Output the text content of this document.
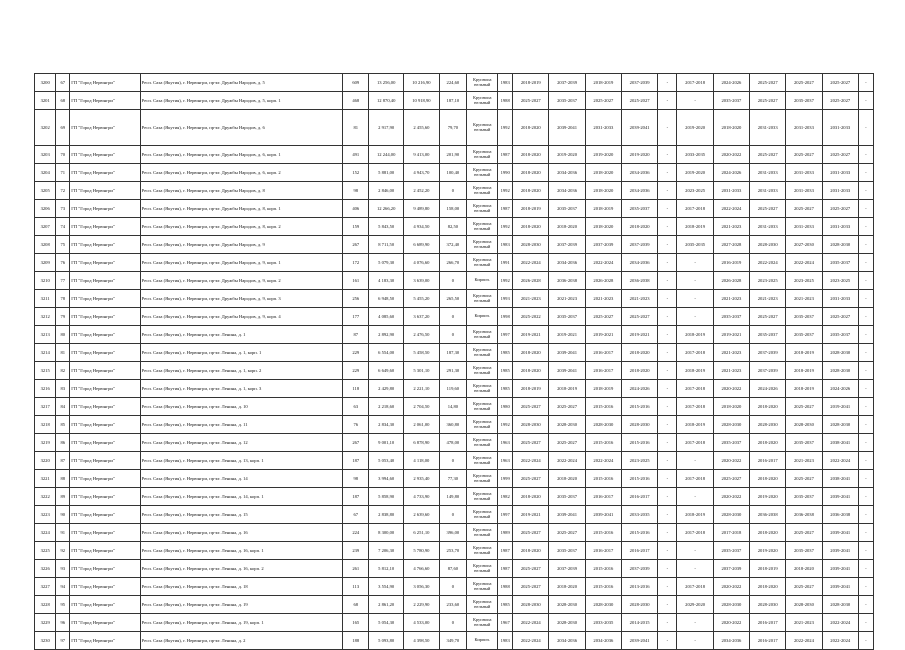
3200	67	ГП "Город Нерюнгри"	Респ. Саха (Якутия), г. Нерюнгри, пр-кт. Дружбы Народов, д. 5	609	13 256,00	10 216,90	224,60	Крупнопа нельный	1983	2018-2019	2037-2039	2018-2019	2037-2039	-	2017-2018	2024-2026	2025-2027	2025-2027	2025-2027	-
3201	68	ГП "Город Нерюнгри"	Респ. Саха (Якутия), г. Нерюнгри, пр-кт. Дружбы Народов, д. 5, корп. 1	468	12 870,40	10 918,90	187,10	Крупнопа нельный	1988	2025-2027	2035-2037	2025-2027	2025-2027	-	-	2035-2037	2025-2027	2035-2037	2025-2027	-
3202	69	ГП "Город Нерюнгри"	Респ. Саха (Якутия), г. Нерюнгри, пр-кт. Дружбы Народов, д. 6	81	2 917,90	2 455,60	79,70	Крупнопа нельный	1992	2018-2020	2039-2041	2031-2033	2039-2041	-	2019-2020	2018-2020	2031-2033	2031-2033	2031-2033	-
3203	70	ГП "Город Нерюнгри"	Респ. Саха (Якутия), г. Нерюнгри, пр-кт. Дружбы Народов, д. 6, корп. 1	491	12 244,00	9 413,00	201,90	Крупнопа нельный	1987	2018-2020	2019-2020	2019-2020	2019-2020	-	2033-2035	2020-2022	2025-2027	2025-2027	2025-2027	-
3204	71	ГП "Город Нерюнгри"	Респ. Саха (Якутия), г. Нерюнгри, пр-кт. Дружбы Народов, д. 6, корп. 2	152	5 881,00	4 943,70	100,40	Крупнопа нельный	1990	2018-2020	2034-2036	2018-2020	2034-2036	-	2019-2020	2024-2026	2031-2033	2031-2033	2031-2033	-
3205	72	ГП "Город Нерюнгри"	Респ. Саха (Якутия), г. Нерюнгри, пр-кт. Дружбы Народов, д. 8	98	2 846,00	2 452,20	0	Крупнопа нельный	1992	2018-2020	2034-2036	2018-2020	2034-2036	-	2023-2025	2031-2033	2031-2033	2031-2033	2031-2033	-
3206	73	ГП "Город Нерюнгри"	Респ. Саха (Якутия), г. Нерюнгри, пр-кт. Дружбы Народов, д. 8, корп. 1	406	12 266,20	9 489,80	158,00	Крупнопа нельный	1987	2018-2019	2035-2037	2018-2019	2035-2037	-	2017-2018	2022-2024	2025-2027	2025-2027	2025-2027	-
3207	74	ГП "Город Нерюнгри"	Респ. Саха (Якутия), г. Нерюнгри, пр-кт. Дружбы Народов, д. 8, корп. 2	159	5 843,50	4 934,50	82,50	Крупнопа нельный	1992	2018-2020	2018-2020	2018-2020	2018-2020	-	2018-2019	2021-2023	2031-2033	2031-2033	2031-2033	-
3208	75	ГП "Город Нерюнгри"	Респ. Саха (Якутия), г. Нерюнгри, пр-кт. Дружбы Народов, д. 9	267	8 711,50	6 689,90	372,40	Крупнопа нельный	1983	2028-2030	2037-2039	2037-2039	2037-2039	-	2035-2035	2027-2028	2028-2030	2027-2030	2028-2030	-
3209	76	ГП "Город Нерюнгри"	Респ. Саха (Якутия), г. Нерюнгри, пр-кт. Дружбы Народов, д. 9, корп. 1	172	5 079,30	4 076,60	266,70	Крупнопа нельный	1991	2022-2024	2034-2036	2022-2024	2034-2036	-	-	2016-2019	2022-2024	2022-2024	2035-2037	-
3210	77	ГП "Город Нерюнгри"	Респ. Саха (Якутия), г. Нерюнгри, пр-кт. Дружбы Народов, д. 9, корп. 2	161	4 183,30	3 639,00	0	Кирпич.	1992	2026-2028	2036-2038	2026-2028	2036-2038	-	-	2026-2028	2023-2025	2023-2025	2023-2025	-
3211	78	ГП "Город Нерюнгри"	Респ. Саха (Якутия), г. Нерюнгри, пр-кт. Дружбы Народов, д. 9, корп. 3	256	6 948,50	5 455,20	265,50	Крупнопа нельный	1993	2021-2023	2021-2023	2021-2023	2021-2023	-	-	2021-2023	2021-2023	2021-2023	2031-2033	-
3212	79	ГП "Город Нерюнгри"	Респ. Саха (Якутия), г. Нерюнгри, пр-кт. Дружбы Народов, д. 9, корп. 4	177	4 085,60	3 637,20	0	Кирпич.	1998	2025-2022	2035-2037	2025-2027	2025-2027	-	-	2035-2037	2025-2027	2035-2037	2025-2027	-
3213	80	ГП "Город Нерюнгри"	Респ. Саха (Якутия), г. Нерюнгри, пр-кт. Ленина, д. 1	87	2 892,90	2 476,50	0	Крупнопа нельный	1997	2019-2021	2019-2021	2019-2021	2019-2021	-	2018-2019	2019-2021	2035-2037	2035-2037	2035-2037	-
3214	81	ГП "Город Нерюнгри"	Респ. Саха (Якутия), г. Нерюнгри, пр-кт. Ленина, д. 1, корп. 1	229	6 554,00	5 458,50	187,30	Крупнопа нельный	1985	2018-2020	2039-2041	2016-2017	2018-2020	-	2017-2018	2021-2023	2037-2039	2018-2019	2028-2030	-
3215	82	ГП "Город Нерюнгри"	Респ. Саха (Якутия), г. Нерюнгри, пр-кт. Ленина, д. 1, корп. 2	229	6 649,60	5 301,10	291,30	Крупнопа нельный	1985	2018-2020	2039-2041	2016-2017	2018-2020	-	2018-2019	2021-2023	2037-2039	2018-2019	2028-2030	-
3216	83	ГП "Город Нерюнгри"	Респ. Саха (Якутия), г. Нерюнгри, пр-кт. Ленина, д. 1, корп. 3	118	2 429,80	2 221,10	119,60	Крупнопа нельный	1985	2018-2019	2018-2019	2018-2019	2024-2026	-	2017-2018	2020-2022	2024-2026	2018-2019	2024-2026	-
3217	84	ГП "Город Нерюнгри"	Респ. Саха (Якутия), г. Нерюнгри, пр-кт. Ленина, д. 10	63	2 218,60	2 704,50	14,80	Крупнопа нельный	1980	2025-2027	2025-2027	2015-2016	2015-2016	-	2017-2018	2018-2020	2018-2020	2025-2027	2019-2041	-
3218	85	ГП "Город Нерюнгри"	Респ. Саха (Якутия), г. Нерюнгри, пр-кт. Ленина, д. 11	76	2 834,30	2 061,00	360,80	Крупнопа нельный	1992	2028-2030	2028-2030	2028-2030	2028-2030	-	2018-2019	2028-2030	2028-2030	2028-2030	2028-2030	-
3219	86	ГП "Город Нерюнгри"	Респ. Саха (Якутия), г. Нерюнгри, пр-кт. Ленина, д. 12	267	9 001,10	6 878,90	478,00	Крупнопа нельный	1963	2025-2027	2025-2027	2015-2016	2015-2016	-	2017-2018	2035-2037	2018-2020	2035-2037	2038-2041	-
3220	87	ГП "Город Нерюнгри"	Респ. Саха (Якутия), г. Нерюнгри, пр-кт. Ленина, д. 13, корп. 1	187	5 053,40	4 118,00	0	Крупнопа нельный	1963	2022-2024	2022-2024	2022-2024	2023-2025	-	-	2020-2022	2016-2017	2021-2023	2022-2024	-
3221	88	ГП "Город Нерюнгри"	Респ. Саха (Якутия), г. Нерюнгри, пр-кт. Ленина, д. 14	98	3 994,60	2 935,40	77,30	Крупнопа нельный	1999	2025-2027	2018-2020	2015-2016	2015-2016	-	2017-2018	2025-2027	2018-2020	2025-2027	2038-2041	-
3222	89	ГП "Город Нерюнгри"	Респ. Саха (Якутия), г. Нерюнгри, пр-кт. Ленина, д. 14, корп. 1	187	5 858,90	4 733,90	149,80	Крупнопа нельный	1982	2018-2020	2035-2037	2016-2017	2016-2017	-	-	2020-2022	2019-2020	2035-2037	2039-2041	-
3223	90	ГП "Город Нерюнгри"	Респ. Саха (Якутия), г. Нерюнгри, пр-кт. Ленина, д. 15	67	2 838,80	2 639,60	0	Крупнопа нельный	1997	2019-2021	2039-2041	2039-2041	2033-2035	-	2018-2019	2028-2030	2036-2038	2036-2038	2036-2038	-
3224	91	ГП "Город Нерюнгри"	Респ. Саха (Якутия), г. Нерюнгри, пр-кт. Ленина, д. 16	224	8 300,00	6 251,10	396,00	Крупнопа нельный	1989	2025-2027	2025-2027	2015-2016	2015-2016	-	2017-2018	2017-2018	2018-2020	2025-2027	2039-2041	-
3225	92	ГП "Город Нерюнгри"	Респ. Саха (Якутия), г. Нерюнгри, пр-кт. Ленина, д. 16, корп. 1	239	7 206,30	5 780,90	253,70	Крупнопа нельный	1987	2018-2020	2035-2037	2016-2017	2016-2017	-	-	2035-2037	2019-2020	2035-2037	2039-2041	-
3226	93	ГП "Город Нерюнгри"	Респ. Саха (Якутия), г. Нерюнгри, пр-кт. Ленина, д. 16, корп. 2	261	5 812,10	4 766,60	87,60	Крупнопа нельный	1987	2025-2027	2037-2039	2015-2016	2037-2039	-	-	2037-2039	2018-2019	2018-2020	2039-2041	-
3227	94	ГП "Город Нерюнгри"	Респ. Саха (Якутия), г. Нерюнгри, пр-кт. Ленина, д. 18	113	3 554,90	3 056,30	0	Крупнопа нельный	1988	2025-2027	2018-2020	2015-2016	2013-2016	-	2017-2018	2020-2022	2018-2020	2025-2027	2039-2041	-
3228	95	ГП "Город Нерюнгри"	Респ. Саха (Якутия), г. Нерюнгри, пр-кт. Ленина, д. 19	68	2 861,20	2 229,90	233,60	Крупнопа нельный	1985	2028-2030	2028-2030	2028-2030	2028-2030	-	2029-2020	2028-2030	2028-2030	2028-2030	2028-2030	-
3229	96	ГП "Город Нерюнгри"	Респ. Саха (Якутия), г. Нерюнгри, пр-кт. Ленина, д. 19, корп. 1	165	5 054,30	4 533,00	0	Крупнопа нельный	1967	2022-2024	2028-2030	2033-2035	2014-2015	-	-	2020-2022	2016-2017	2021-2023	2022-2024	-
3230	97	ГП "Город Нерюнгри"	Респ. Саха (Якутия), г. Нерюнгри, пр-кт. Ленина, д. 2	188	5 093,80	4 398,50	349,70	Кирпич.	1983	2022-2024	2034-2036	2034-2036	2039-2041	-	-	2034-2036	2016-2017	2022-2024	2022-2024	-
